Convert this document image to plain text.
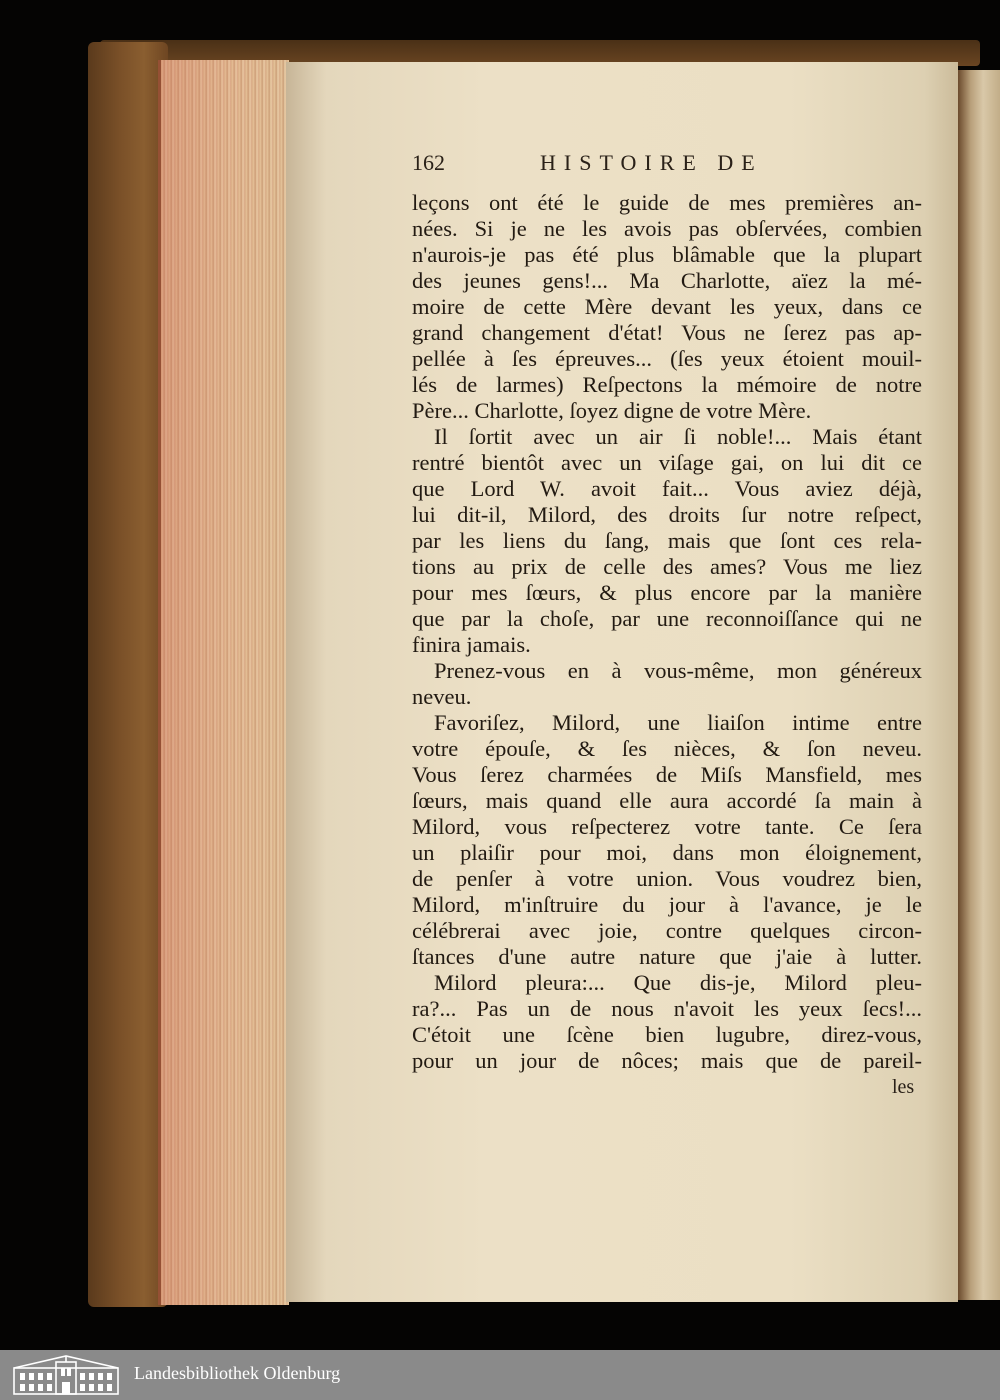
162	HISTOIRE DE
leçons ont été le guide de mes premières an-
nées. Si je ne les avois pas obſervées, combien
n'aurois-je pas été plus blâmable que la plupart
des jeunes gens!... Ma Charlotte, aïez la mé-
moire de cette Mère devant les yeux, dans ce
grand changement d'état! Vous ne ſerez pas ap-
pellée à ſes épreuves... (ſes yeux étoient mouil-
lés de larmes) Reſpectons la mémoire de notre
Père... Charlotte, ſoyez digne de votre Mère.
Il ſortit avec un air ſi noble!... Mais étant
rentré bientôt avec un viſage gai, on lui dit ce
que Lord W. avoit fait... Vous aviez déjà,
lui dit-il, Milord, des droits ſur notre reſpect,
par les liens du ſang, mais que ſont ces rela-
tions au prix de celle des ames? Vous me liez
pour mes ſœurs, & plus encore par la manière
que par la choſe, par une reconnoiſſance qui ne
finira jamais.
Prenez-vous en à vous-même, mon généreux
neveu.
Favoriſez, Milord, une liaiſon intime entre
votre épouſe, & ſes nièces, & ſon neveu.
Vous ſerez charmées de Miſs Mansfield, mes
ſœurs, mais quand elle aura accordé ſa main à
Milord, vous reſpecterez votre tante. Ce ſera
un plaiſir pour moi, dans mon éloignement,
de penſer à votre union. Vous voudrez bien,
Milord, m'inſtruire du jour à l'avance, je le
célébrerai avec joie, contre quelques circon-
ſtances d'une autre nature que j'aie à lutter.
Milord pleura:... Que dis-je, Milord pleu-
ra?... Pas un de nous n'avoit les yeux ſecs!...
C'étoit une ſcène bien lugubre, direz-vous,
pour un jour de nôces; mais que de pareil-
les
Landesbibliothek Oldenburg
